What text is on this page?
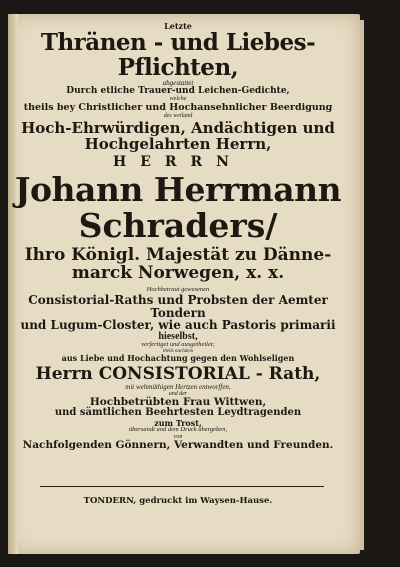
Letzte
Thränen - und Liebes-Pflichten,
abgestattet
Durch etliche Trauer-und Leichen-Gedichte,
welche
theils bey Christlicher und Hochansehnlicher Beerdigung
des weiland
Hoch-Ehrwürdigen, Andächtigen und
Hochgelahrten Herrn,
HERRN
Johann Herrmann
Schraders/
Ihro Königl. Majestät zu Dänne-
marck Norwegen, x. x.
Hochbetraut gewesenen
Consistorial-Raths und Probsten der Aemter Tondern
und Lugum-Closter, wie auch Pastoris primarii
hieselbst,
verfertiget und ausgetheilet;
theils nachdem
aus Liebe und Hochachtung gegen den Wohlseligen
Herrn CONSISTORIAL - Rath,
mit wehmüthigen Hertzen entworffen,
und der
Hochbetrübten Frau Wittwen,
und sämtlichen Beehrtesten Leydtragenden
zum Trost,
übersandt und dem Druck übergeben,
von
Nachfolgenden Gönnern, Verwandten und Freunden.
TONDERN, gedruckt im Waysen-Hause.
